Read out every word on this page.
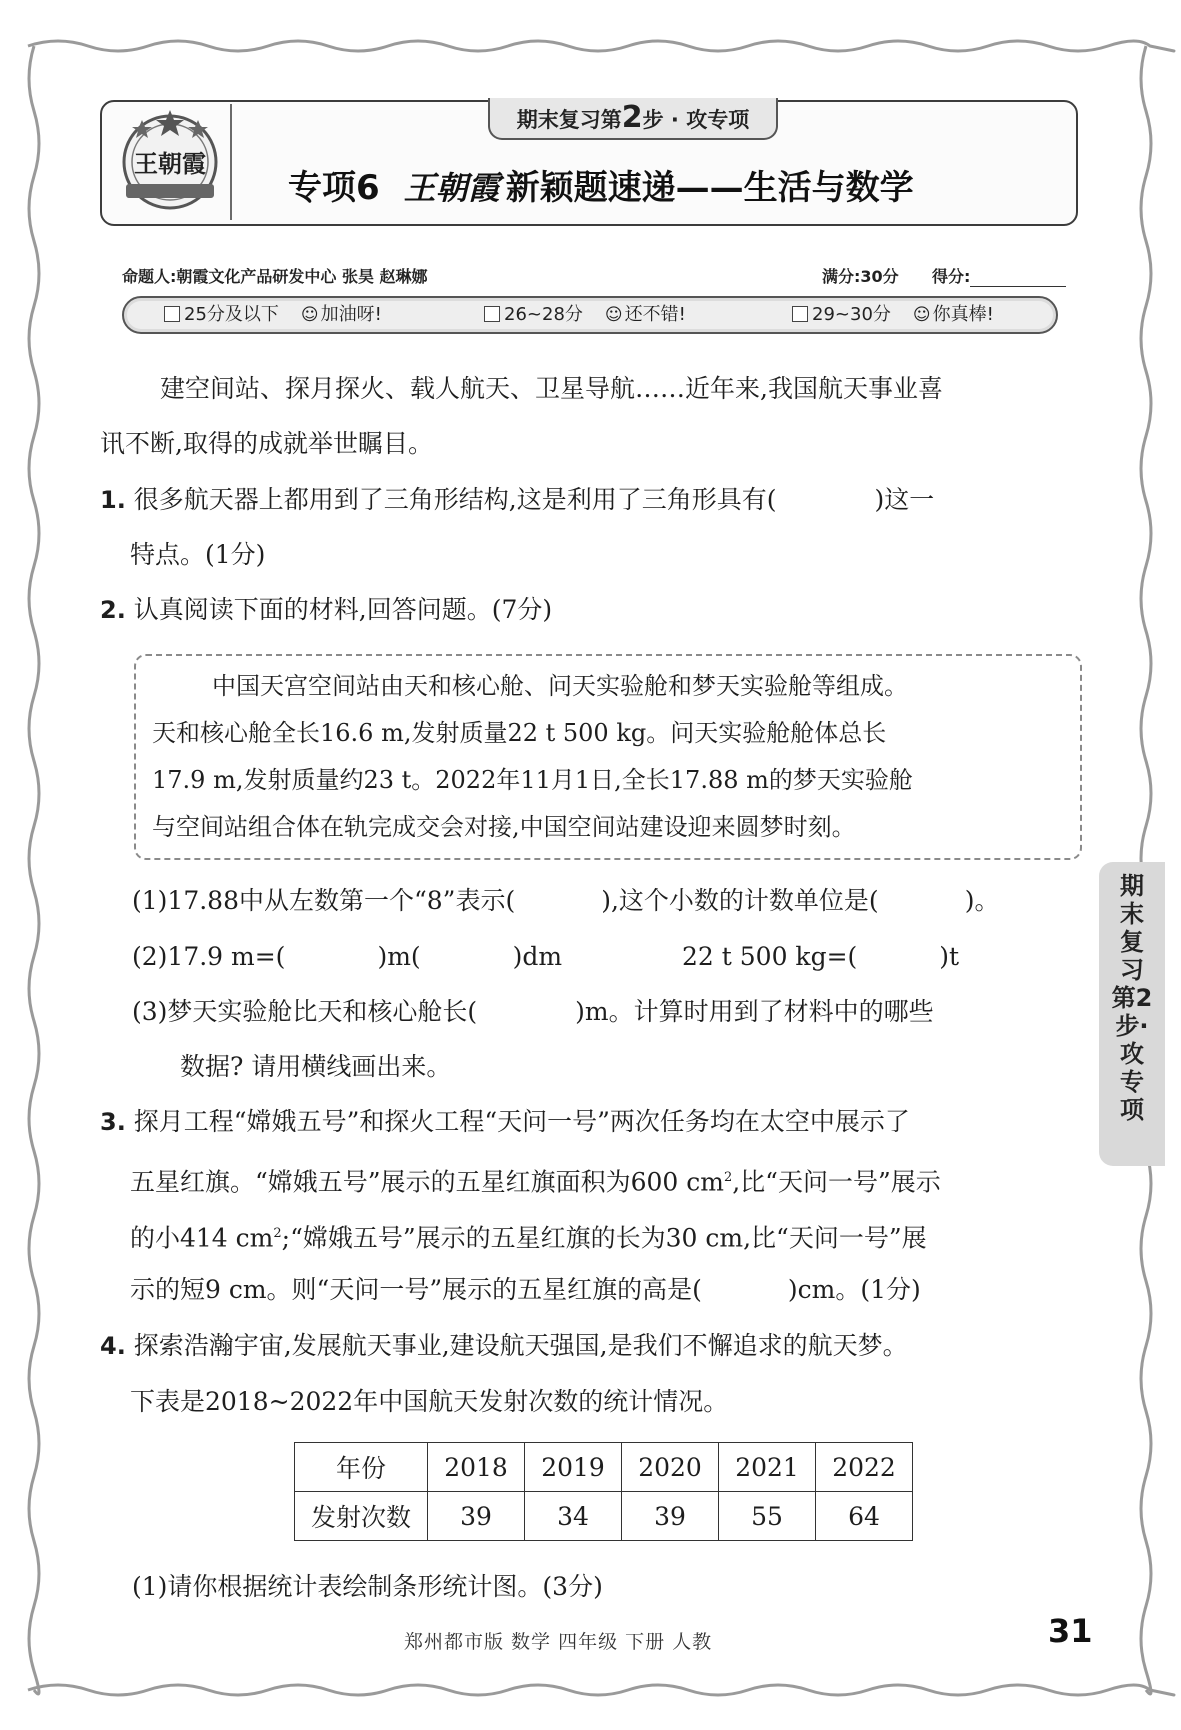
王朝霞
期末复习第2步 · 攻专项
专项6 王朝霞 新颖题速递——生活与数学
命题人:朝霞文化产品研发中心 张昊 赵琳娜	满分:30分 得分:
25分及以下 ☺ 加油呀!	26~28分 ☺ 还不错!	29~30分 ☺ 你真棒!
建空间站、探月探火、载人航天、卫星导航……近年来,我国航天事业喜
讯不断,取得的成就举世瞩目。
1. 很多航天器上都用到了三角形结构,这是利用了三角形具有(	)这一
特点。(1分)
2. 认真阅读下面的材料,回答问题。(7分)
中国天宫空间站由天和核心舱、问天实验舱和梦天实验舱等组成。
天和核心舱全长16.6 m,发射质量22 t 500 kg。问天实验舱舱体总长
17.9 m,发射质量约23 t。2022年11月1日,全长17.88 m的梦天实验舱
与空间站组合体在轨完成交会对接,中国空间站建设迎来圆梦时刻。
(1)17.88中从左数第一个“8”表示(	),这个小数的计数单位是(	)。
(2)17.9 m=(	)m(	)dm	22 t 500 kg=(	)t
(3)梦天实验舱比天和核心舱长(	)m。计算时用到了材料中的哪些
数据? 请用横线画出来。
3. 探月工程“嫦娥五号”和探火工程“天问一号”两次任务均在太空中展示了
五星红旗。“嫦娥五号”展示的五星红旗面积为600 $cm^2$,比“天问一号”展示
的小414 $cm^2;“$嫦娥五号”展示的五星红旗的长为30 cm,比“天问一号”展
示的短9 cm。则“天问一号”展示的五星红旗的高是(	)cm。(1分)
4. 探索浩瀚宇宙,发展航天事业,建设航天强国,是我们不懈追求的航天梦。
下表是2018~2022年中国航天发射次数的统计情况。
年份	2018	2019	2020	2021	2022
发射次数	39	34	39	55	64
(1)请你根据统计表绘制条形统计图。(3分)
期末复习第2步·攻专项
郑州都市版 数学 四年级 下册 人教	31
